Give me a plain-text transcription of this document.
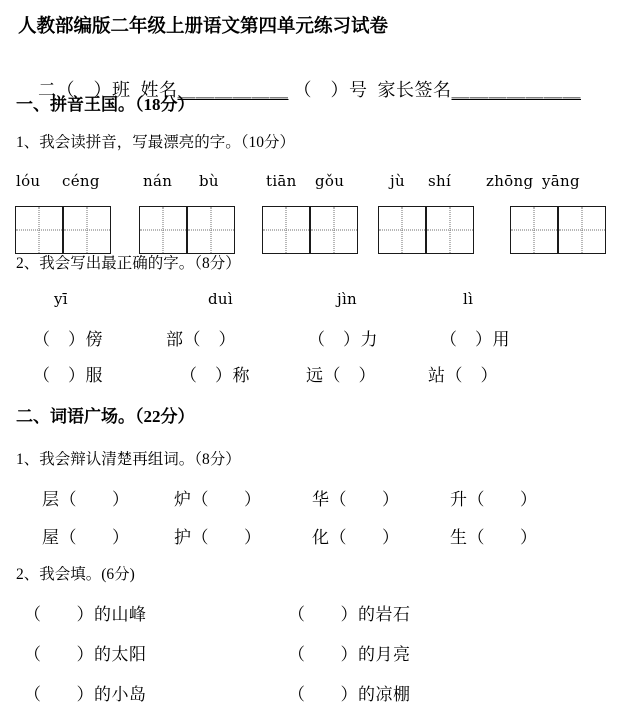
人教部编版二年级上册语文第四单元练习试卷

二（　）班 姓名＿＿＿＿＿＿ （　）号 家长签名＿＿＿＿＿＿＿

一、拼音王国。（18分）
1、我会读拼音，写最漂亮的字。（10分）
lóu céng	nán bù	tiān gǒu	jù shí zhōng yāng
2、我会写出最正确的字。（8分）
yī	duì	jìn	lì
（　）傍	部（　）	（　）力	（　）用
（　）服	（　）称	远（　）	站（　）
二、词语广场。（22分）
1、我会辩认清楚再组词。（8分）
层（　　）	炉（　　）	华（　　）	升（　　）
屋（　　）	护（　　）	化（　　）	生（　　）
2、我会填。(6分)
（　　）的山峰	（　　）的岩石
（　　）的太阳	（　　）的月亮
（　　）的小岛	（　　）的凉棚
